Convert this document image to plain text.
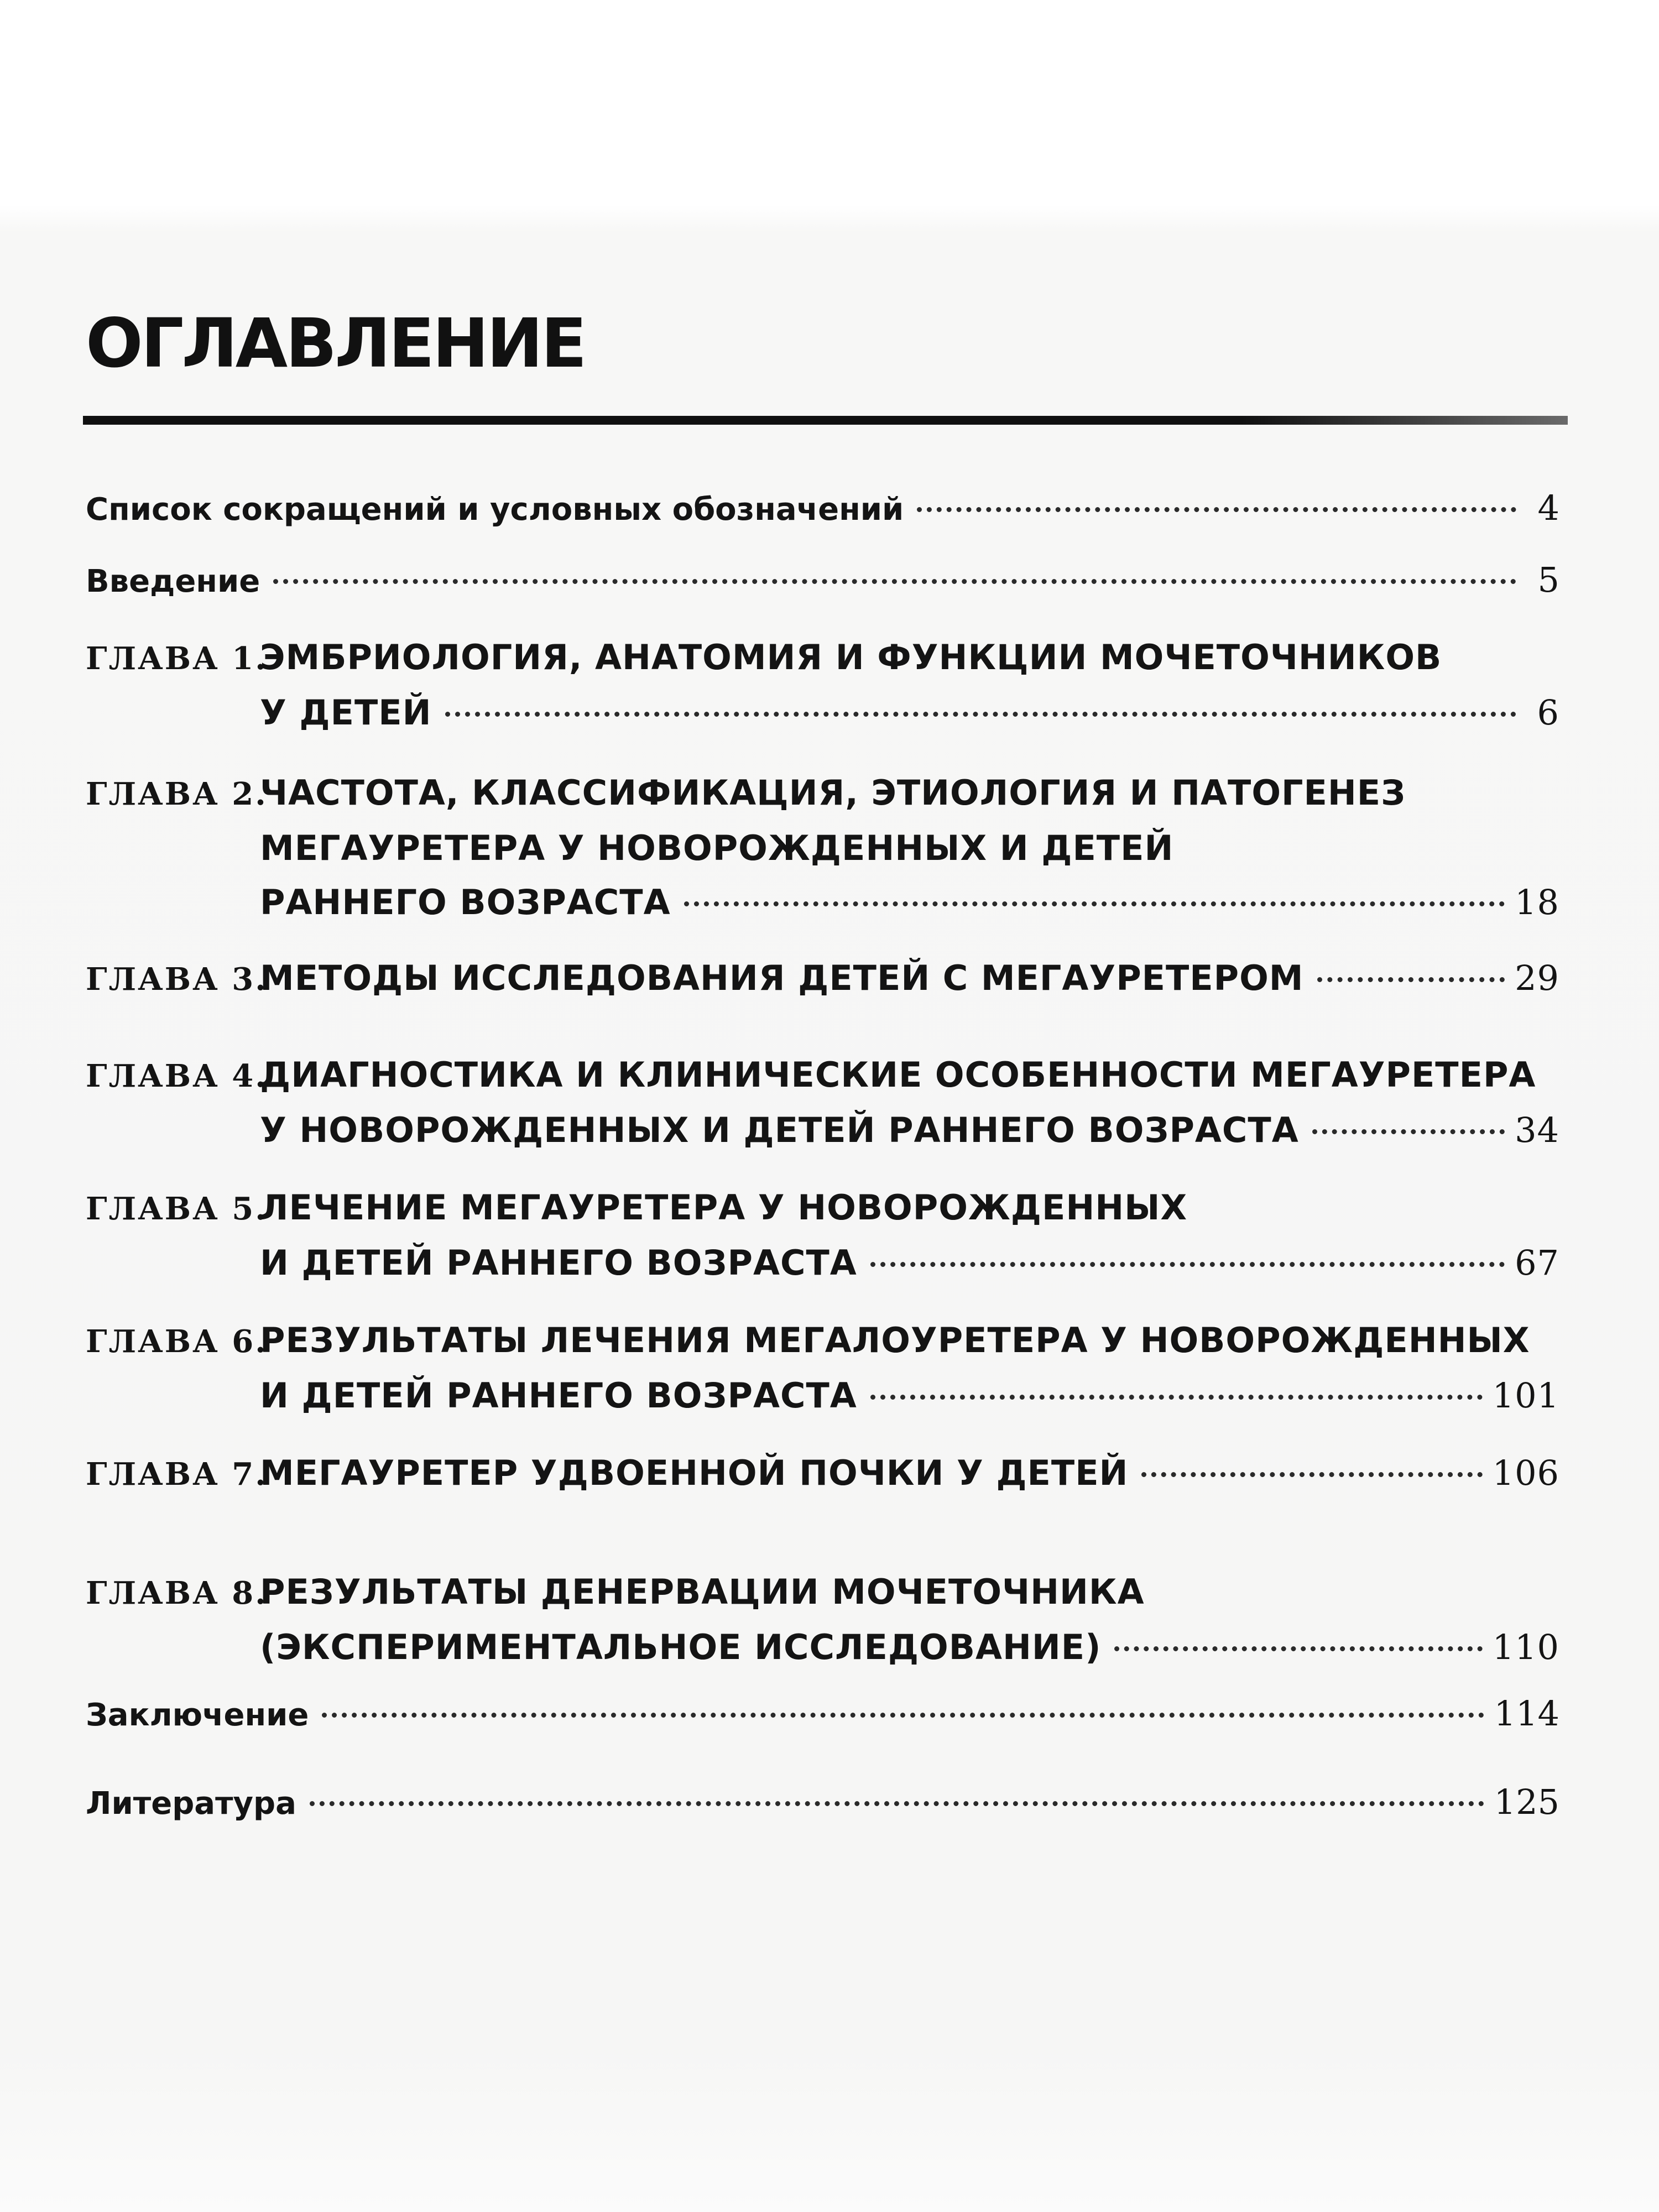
ОГЛАВЛЕНИЕ
Список сокращений и условных обозначений	4
Введение	5
ГЛАВА 1.
ЭМБРИОЛОГИЯ, АНАТОМИЯ И ФУНКЦИИ МОЧЕТОЧНИКОВ
У ДЕТЕЙ	6
ГЛАВА 2.
ЧАСТОТА, КЛАССИФИКАЦИЯ, ЭТИОЛОГИЯ И ПАТОГЕНЕЗ
МЕГАУРЕТЕРА У НОВОРОЖДЕННЫХ И ДЕТЕЙ
РАННЕГО ВОЗРАСТА	18
ГЛАВА 3.
МЕТОДЫ ИССЛЕДОВАНИЯ ДЕТЕЙ С МЕГАУРЕТЕРОМ	29
ГЛАВА 4.
ДИАГНОСТИКА И КЛИНИЧЕСКИЕ ОСОБЕННОСТИ МЕГАУРЕТЕРА
У НОВОРОЖДЕННЫХ И ДЕТЕЙ РАННЕГО ВОЗРАСТА	34
ГЛАВА 5.
ЛЕЧЕНИЕ МЕГАУРЕТЕРА У НОВОРОЖДЕННЫХ
И ДЕТЕЙ РАННЕГО ВОЗРАСТА	67
ГЛАВА 6.
РЕЗУЛЬТАТЫ ЛЕЧЕНИЯ МЕГАЛОУРЕТЕРА У НОВОРОЖДЕННЫХ
И ДЕТЕЙ РАННЕГО ВОЗРАСТА	101
ГЛАВА 7.
МЕГАУРЕТЕР УДВОЕННОЙ ПОЧКИ У ДЕТЕЙ	106
ГЛАВА 8.
РЕЗУЛЬТАТЫ ДЕНЕРВАЦИИ МОЧЕТОЧНИКА
(ЭКСПЕРИМЕНТАЛЬНОЕ ИССЛЕДОВАНИЕ)	110
Заключение	114
Литература	125
